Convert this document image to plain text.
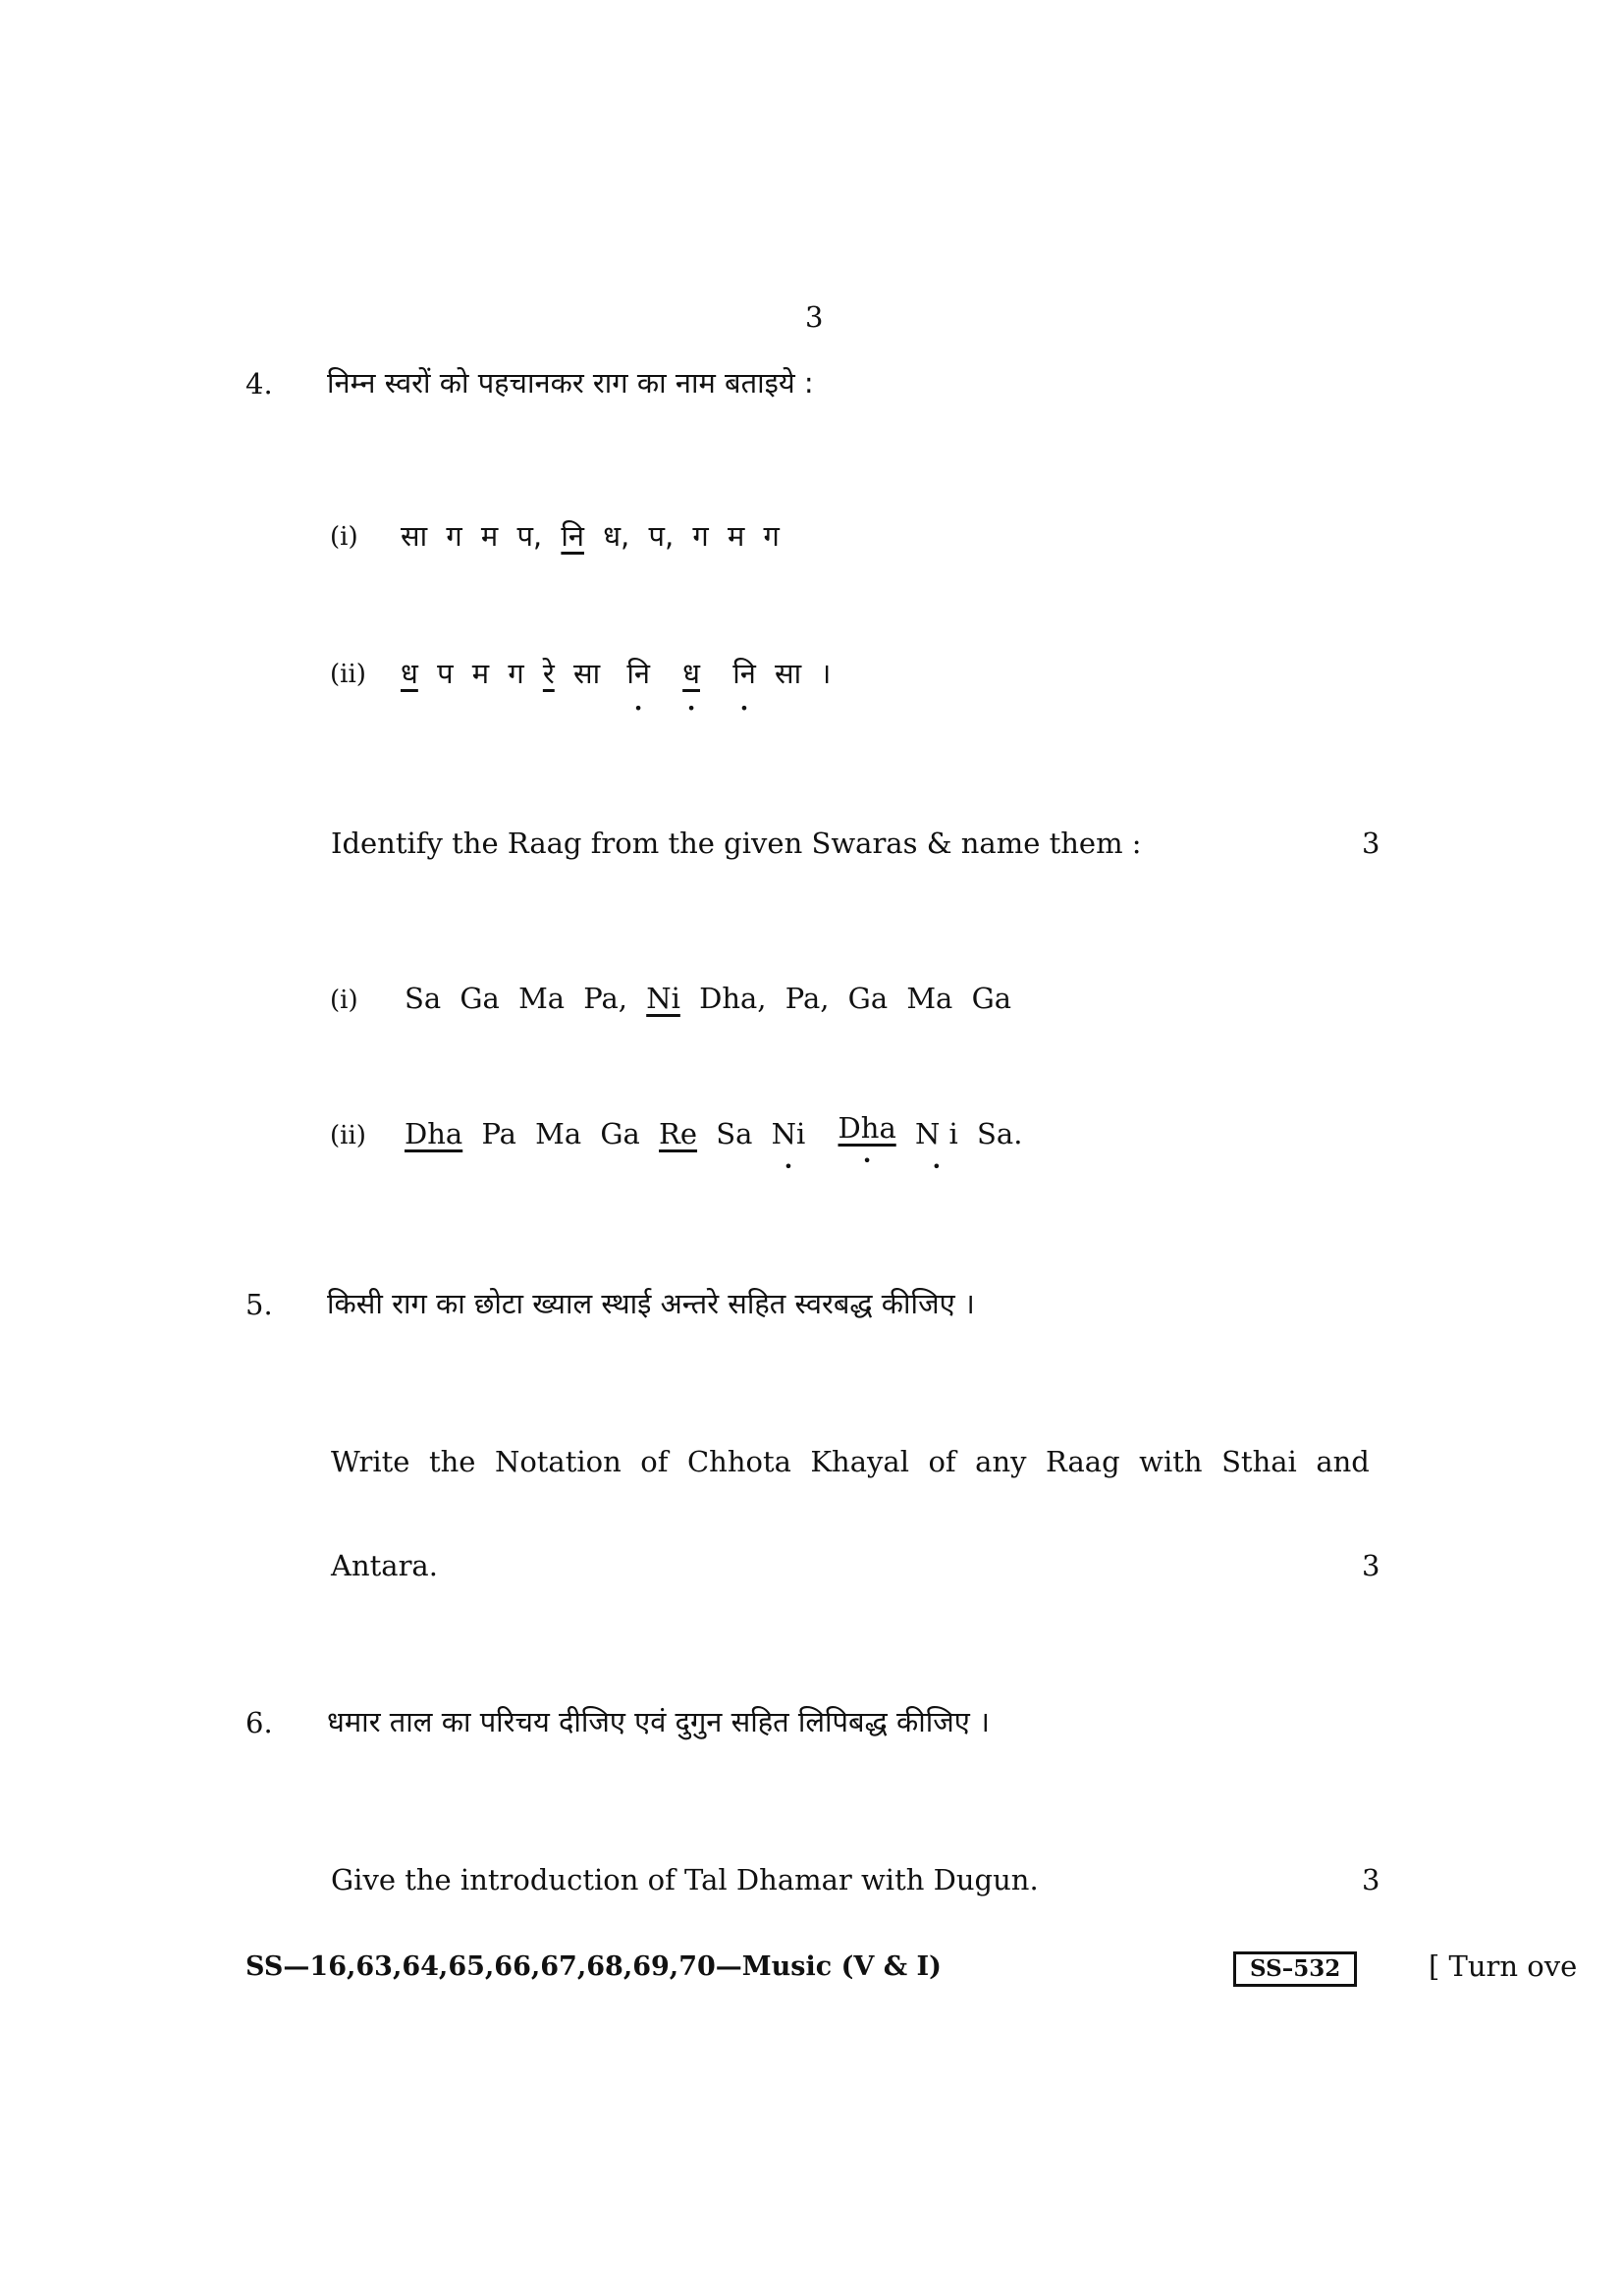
3
4. निम्न स्वरों को पहचानकर राग का नाम बताइये :
(i) सा ग म प, नि ध, प, ग म ग
(ii) ध प म ग रे सा नि • ध • नि • सा ।
Identify the Raag from the given Swaras & name them :	3
(i) Sa Ga Ma Pa, Ni Dha, Pa, Ga Ma Ga
(ii) Dha Pa Ma Ga Re Sa Ni • Dha • N i • Sa.
5. किसी राग का छोटा ख्याल स्थाई अन्तरे सहित स्वरबद्ध कीजिए ।
Write the Notation of Chhota Khayal of any Raag with Sthai and
Antara.	3
6. धमार ताल का परिचय दीजिए एवं दुगुन सहित लिपिबद्ध कीजिए ।
Give the introduction of Tal Dhamar with Dugun.	3
SS—16,63,64,65,66,67,68,69,70—Music (V & I)	SS–532	[ Turn ove
